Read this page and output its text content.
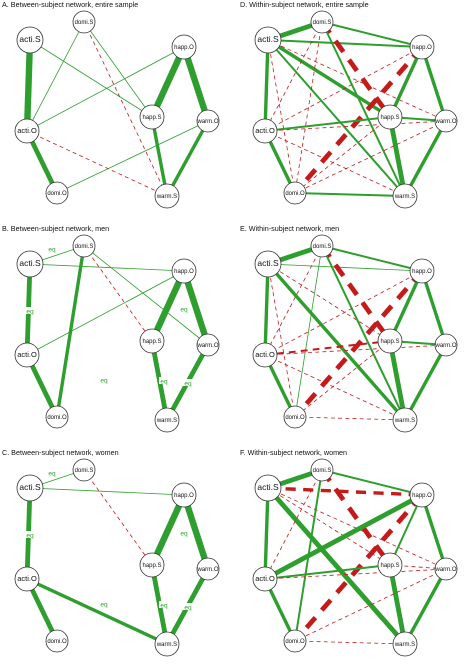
A. Between-subject network, entire sample
acti.S
domi.S
happ.O
acti.O
happ.S
warm.O
domi.O	warm.S
D. Within-subject network, entire sample
acti.S
domi.S
happ.O
acti.O
happ.S
warm.O
domi.O	warm.S
B. Between-subject network, men
eq
eq
eq
eq
eq	eq
acti.S
domi.S
happ.O
acti.O
happ.S
warm.O
domi.O	warm.S
E. Within-subject network, men
acti.S
domi.S
happ.O
acti.O
happ.S
warm.O
domi.O	warm.S
C. Between-subject network, women
eq
eq
eq
eq
eq	eq
acti.S
domi.S
happ.O
acti.O
happ.S
warm.O
domi.O	warm.S
F. Within-subject network, women
acti.S
domi.S
happ.O
acti.O
happ.S
warm.O
domi.O	warm.S
